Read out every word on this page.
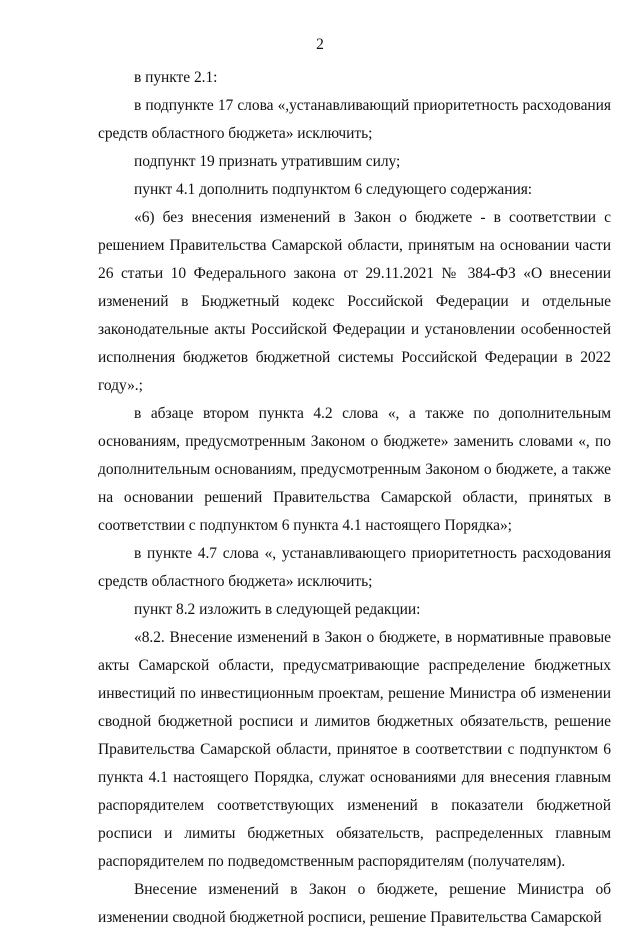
2

в пункте 2.1:

в подпункте 17 слова «,устанавливающий приоритетность расходования средств областного бюджета» исключить;

подпункт 19 признать утратившим силу;

пункт 4.1 дополнить подпунктом 6 следующего содержания:

«6) без внесения изменений в Закон о бюджете - в соответствии с решением Правительства Самарской области, принятым на основании части 26 статьи 10 Федерального закона от 29.11.2021 № 384-ФЗ «О внесении изменений в Бюджетный кодекс Российской Федерации и отдельные законодательные акты Российской Федерации и установлении особенностей исполнения бюджетов бюджетной системы Российской Федерации в 2022 году».;

в абзаце втором пункта 4.2 слова «, а также по дополнительным основаниям, предусмотренным Законом о бюджете» заменить словами «, по дополнительным основаниям, предусмотренным Законом о бюджете, а также на основании решений Правительства Самарской области, принятых в соответствии с подпунктом 6 пункта 4.1 настоящего Порядка»;

в пункте 4.7 слова «, устанавливающего приоритетность расходования средств областного бюджета» исключить;

пункт 8.2 изложить в следующей редакции:

«8.2. Внесение изменений в Закон о бюджете, в нормативные правовые акты Самарской области, предусматривающие распределение бюджетных инвестиций по инвестиционным проектам, решение Министра об изменении сводной бюджетной росписи и лимитов бюджетных обязательств, решение Правительства Самарской области, принятое в соответствии с подпунктом 6 пункта 4.1 настоящего Порядка, служат основаниями для внесения главным распорядителем соответствующих изменений в показатели бюджетной росписи и лимиты бюджетных обязательств, распределенных главным распорядителем по подведомственным распорядителям (получателям).

Внесение изменений в Закон о бюджете, решение Министра об изменении сводной бюджетной росписи, решение Правительства Самарской
